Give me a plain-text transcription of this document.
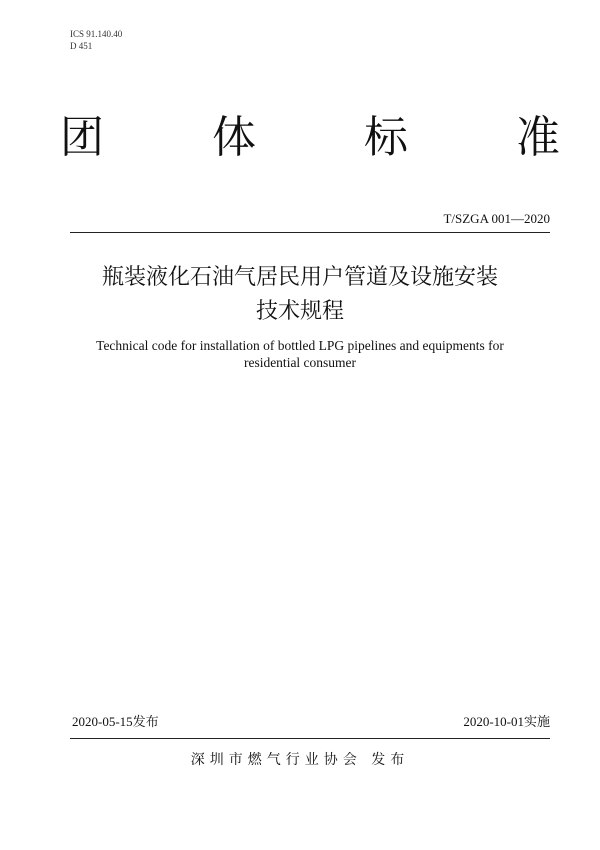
ICS 91.140.40
D 451
团 体 标 准
T/SZGA 001—2020
瓶装液化石油气居民用户管道及设施安装
技术规程
Technical code for installation of bottled LPG pipelines and equipments for
residential consumer
2020-05-15发布	2020-10-01实施
深圳市燃气行业协会 发布
